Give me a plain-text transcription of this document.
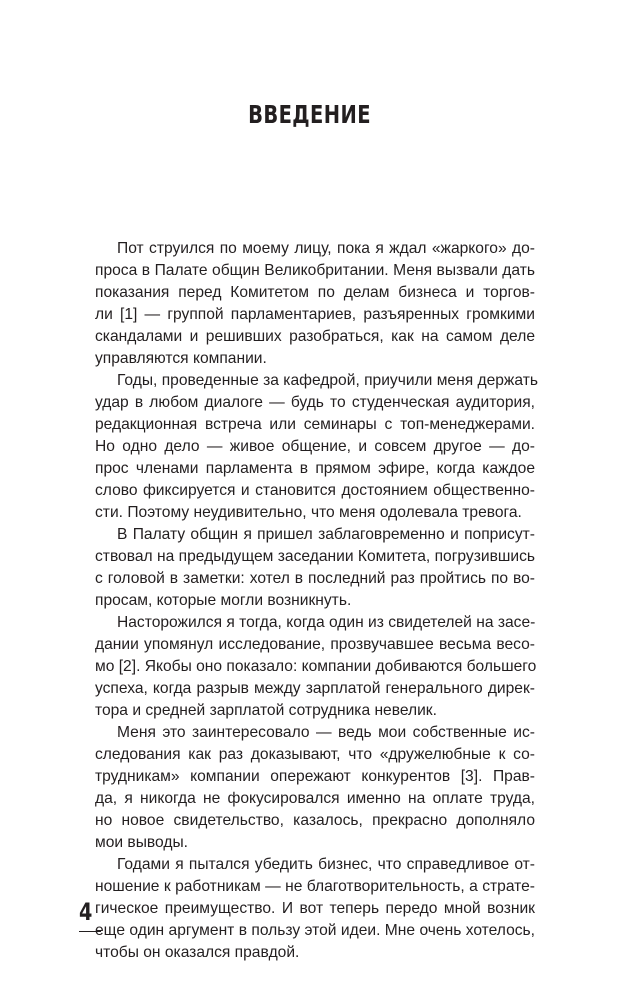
ВВЕДЕНИЕ

Пот струился по моему лицу, пока я ждал «жаркого» до-
проса в Палате общин Великобритании. Меня вызвали дать
показания перед Комитетом по делам бизнеса и торгов-
ли [1] — группой парламентариев, разъяренных громкими
скандалами и решивших разобраться, как на самом деле
управляются компании.

Годы, проведенные за кафедрой, приучили меня держать
удар в любом диалоге — будь то студенческая аудитория,
редакционная встреча или семинары с топ-менеджерами.
Но одно дело — живое общение, и совсем другое — до-
прос членами парламента в прямом эфире, когда каждое
слово фиксируется и становится достоянием общественно-
сти. Поэтому неудивительно, что меня одолевала тревога.

В Палату общин я пришел заблаговременно и поприсут-
ствовал на предыдущем заседании Комитета, погрузившись
с головой в заметки: хотел в последний раз пройтись по во-
просам, которые могли возникнуть.

Насторожился я тогда, когда один из свидетелей на засе-
дании упомянул исследование, прозвучавшее весьма весо-
мо [2]. Якобы оно показало: компании добиваются большего
успеха, когда разрыв между зарплатой генерального дирек-
тора и средней зарплатой сотрудника невелик.

Меня это заинтересовало — ведь мои собственные ис-
следования как раз доказывают, что «дружелюбные к со-
трудникам» компании опережают конкурентов [3]. Прав-
да, я никогда не фокусировался именно на оплате труда,
но новое свидетельство, казалось, прекрасно дополняло
мои выводы.

Годами я пытался убедить бизнес, что справедливое от-
ношение к работникам — не благотворительность, а страте-
гическое преимущество. И вот теперь передо мной возник
еще один аргумент в пользу этой идеи. Мне очень хотелось,
чтобы он оказался правдой.

4
